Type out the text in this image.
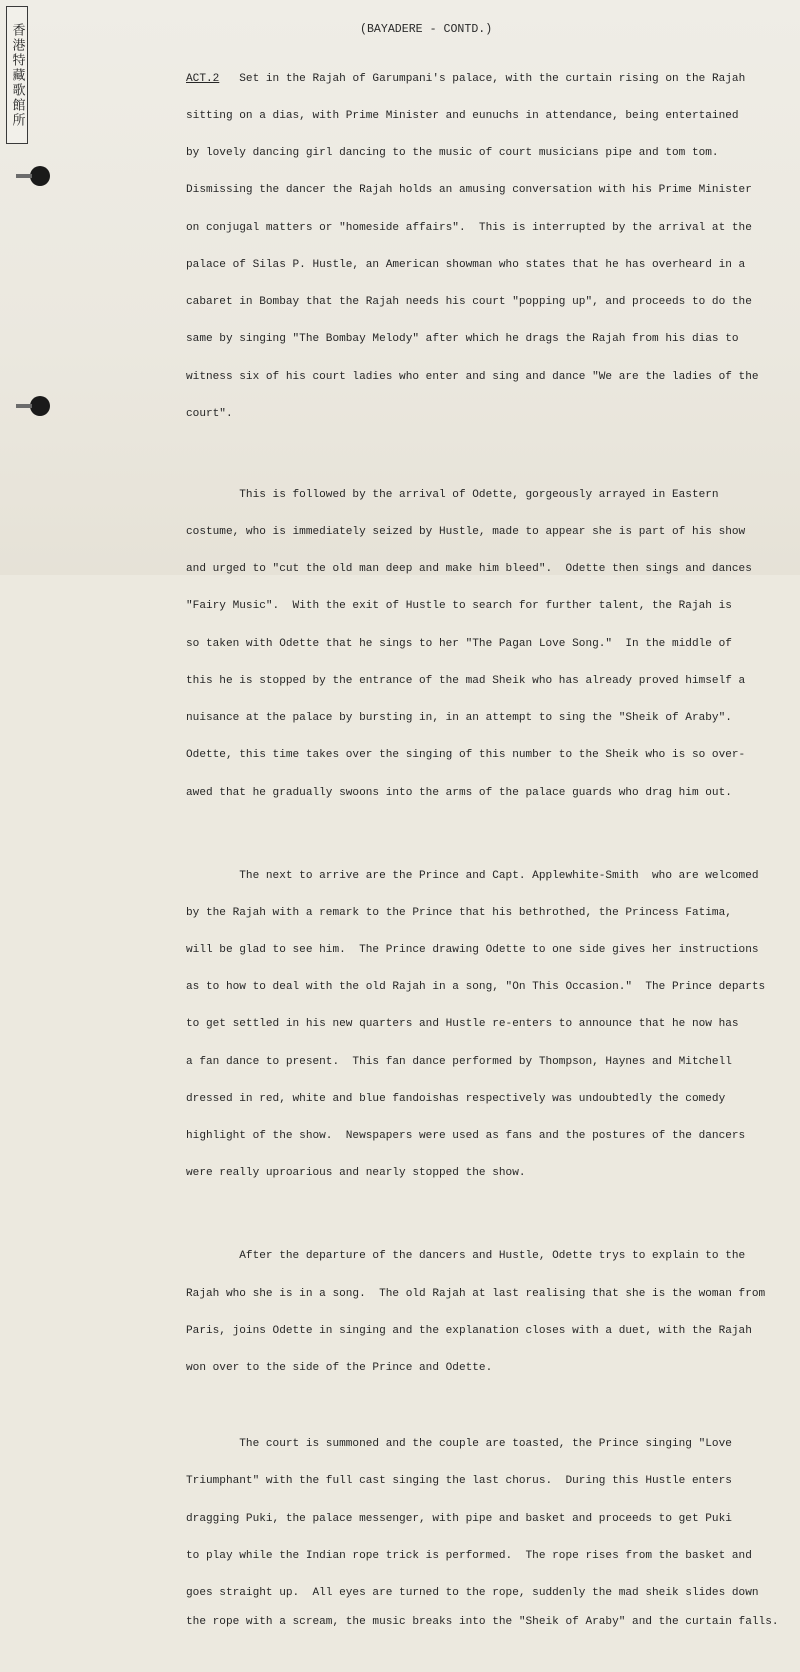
香港特藏歌館所	(BAYADERE - CONTD.)

ACT.2   Set in the Rajah of Garumpani's palace, with the curtain rising on the Rajah

sitting on a dias, with Prime Minister and eunuchs in attendance, being entertained

by lovely dancing girl dancing to the music of court musicians pipe and tom tom.

Dismissing the dancer the Rajah holds an amusing conversation with his Prime Minister

on conjugal matters or "homeside affairs".  This is interrupted by the arrival at the

palace of Silas P. Hustle, an American showman who states that he has overheard in a

cabaret in Bombay that the Rajah needs his court "popping up", and proceeds to do the

same by singing "The Bombay Melody" after which he drags the Rajah from his dias to

witness six of his court ladies who enter and sing and dance "We are the ladies of the

court".

This is followed by the arrival of Odette, gorgeously arrayed in Eastern

costume, who is immediately seized by Hustle, made to appear she is part of his show

and urged to "cut the old man deep and make him bleed".  Odette then sings and dances

"Fairy Music".  With the exit of Hustle to search for further talent, the Rajah is

so taken with Odette that he sings to her "The Pagan Love Song."  In the middle of

this he is stopped by the entrance of the mad Sheik who has already proved himself a

nuisance at the palace by bursting in, in an attempt to sing the "Sheik of Araby".

Odette, this time takes over the singing of this number to the Sheik who is so over-

awed that he gradually swoons into the arms of the palace guards who drag him out.

The next to arrive are the Prince and Capt. Applewhite-Smith  who are welcomed

by the Rajah with a remark to the Prince that his bethrothed, the Princess Fatima,

will be glad to see him.  The Prince drawing Odette to one side gives her instructions

as to how to deal with the old Rajah in a song, "On This Occasion."  The Prince departs

to get settled in his new quarters and Hustle re-enters to announce that he now has

a fan dance to present.  This fan dance performed by Thompson, Haynes and Mitchell

dressed in red, white and blue fandoishas respectively was undoubtedly the comedy

highlight of the show.  Newspapers were used as fans and the postures of the dancers

were really uproarious and nearly stopped the show.

After the departure of the dancers and Hustle, Odette trys to explain to the

Rajah who she is in a song.  The old Rajah at last realising that she is the woman from

Paris, joins Odette in singing and the explanation closes with a duet, with the Rajah

won over to the side of the Prince and Odette.

The court is summoned and the couple are toasted, the Prince singing "Love

Triumphant" with the full cast singing the last chorus.  During this Hustle enters

dragging Puki, the palace messenger, with pipe and basket and proceeds to get Puki

to play while the Indian rope trick is performed.  The rope rises from the basket and

goes straight up.  All eyes are turned to the rope, suddenly the mad sheik slides down

the rope with a scream, the music breaks into the "Sheik of Araby" and the curtain falls.
